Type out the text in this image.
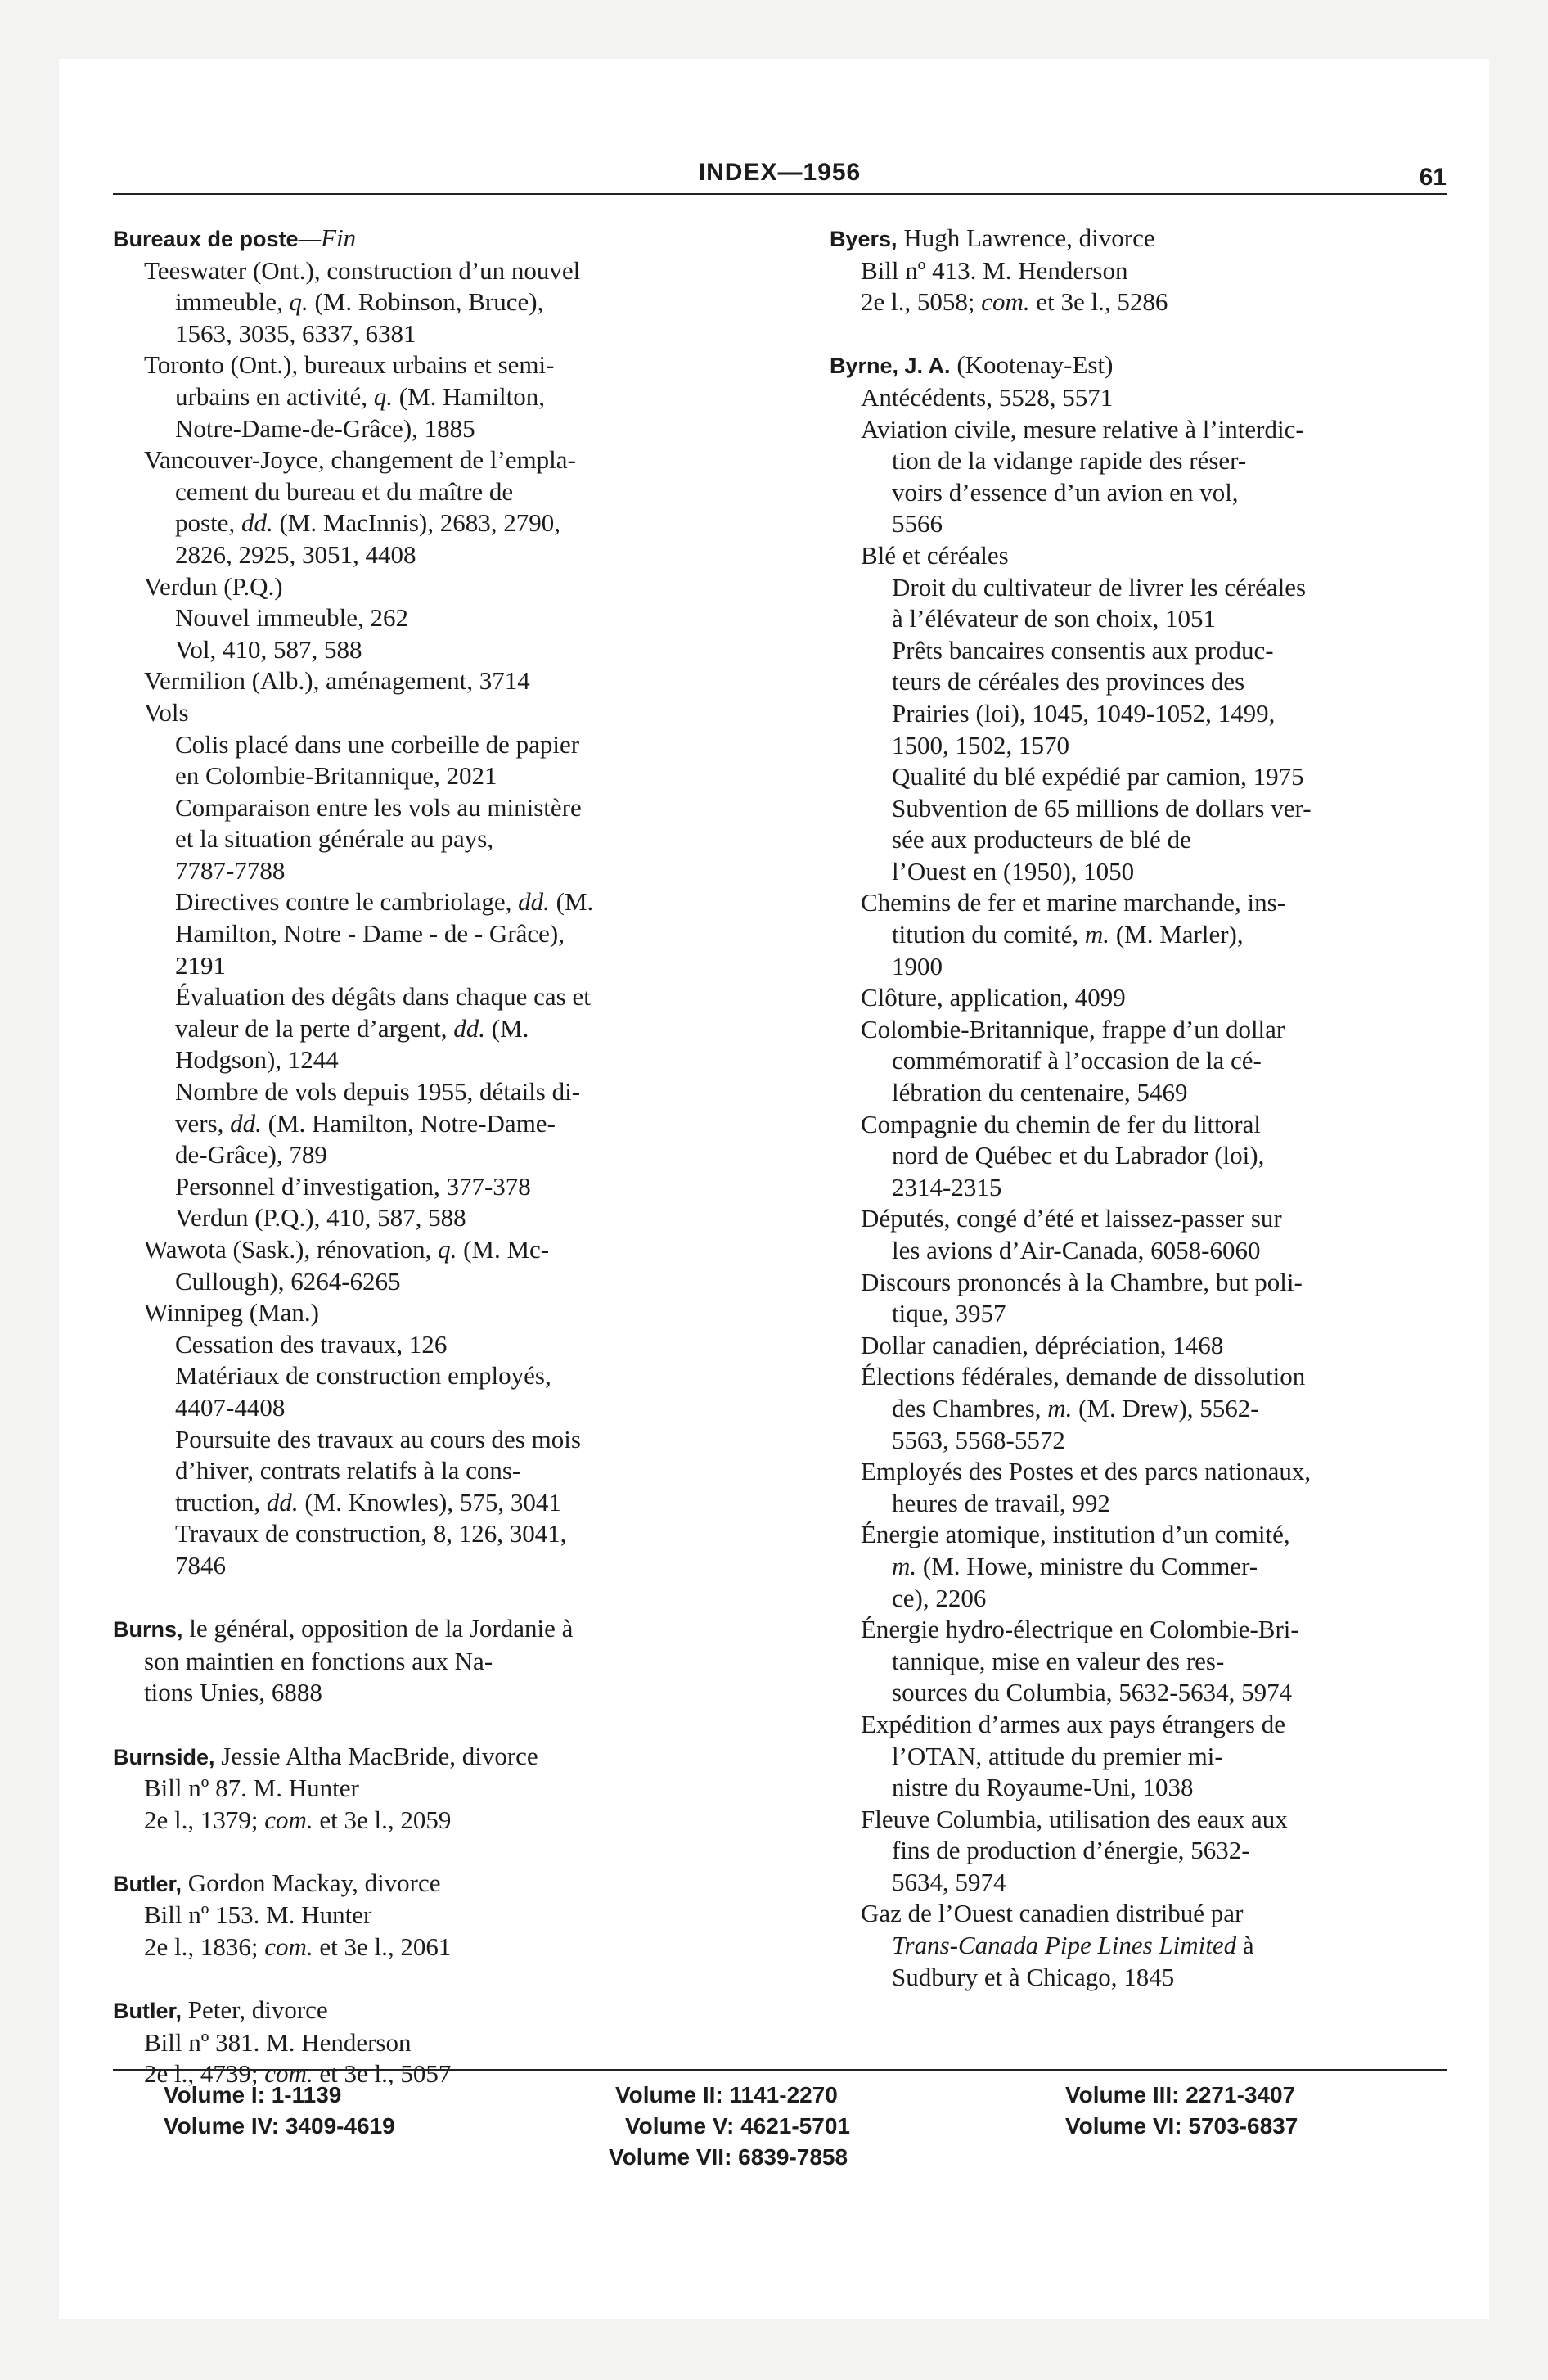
INDEX—1956	61
Bureaux de poste—Fin
Teeswater (Ont.), construction d’un nouvel
immeuble, q. (M. Robinson, Bruce),
1563, 3035, 6337, 6381
Toronto (Ont.), bureaux urbains et semi-
urbains en activité, q. (M. Hamilton,
Notre-Dame-de-Grâce), 1885
Vancouver-Joyce, changement de l’empla-
cement du bureau et du maître de
poste, dd. (M. MacInnis), 2683, 2790,
2826, 2925, 3051, 4408
Verdun (P.Q.)
Nouvel immeuble, 262
Vol, 410, 587, 588
Vermilion (Alb.), aménagement, 3714
Vols
Colis placé dans une corbeille de papier
en Colombie-Britannique, 2021
Comparaison entre les vols au ministère
et la situation générale au pays,
7787-7788
Directives contre le cambriolage, dd. (M.
Hamilton, Notre - Dame - de - Grâce),
2191
Évaluation des dégâts dans chaque cas et
valeur de la perte d’argent, dd. (M.
Hodgson), 1244
Nombre de vols depuis 1955, détails di-
vers, dd. (M. Hamilton, Notre-Dame-
de-Grâce), 789
Personnel d’investigation, 377-378
Verdun (P.Q.), 410, 587, 588
Wawota (Sask.), rénovation, q. (M. Mc-
Cullough), 6264-6265
Winnipeg (Man.)
Cessation des travaux, 126
Matériaux de construction employés,
4407-4408
Poursuite des travaux au cours des mois
d’hiver, contrats relatifs à la cons-
truction, dd. (M. Knowles), 575, 3041
Travaux de construction, 8, 126, 3041,
7846
Burns, le général, opposition de la Jordanie à
son maintien en fonctions aux Na-
tions Unies, 6888
Burnside, Jessie Altha MacBride, divorce
Bill nº 87. M. Hunter
2e l., 1379; com. et 3e l., 2059
Butler, Gordon Mackay, divorce
Bill nº 153. M. Hunter
2e l., 1836; com. et 3e l., 2061
Butler, Peter, divorce
Bill nº 381. M. Henderson
2e l., 4739; com. et 3e l., 5057
Byers, Hugh Lawrence, divorce
Bill nº 413. M. Henderson
2e l., 5058; com. et 3e l., 5286
Byrne, J. A. (Kootenay-Est)
Antécédents, 5528, 5571
Aviation civile, mesure relative à l’interdic-
tion de la vidange rapide des réser-
voirs d’essence d’un avion en vol,
5566
Blé et céréales
Droit du cultivateur de livrer les céréales
à l’élévateur de son choix, 1051
Prêts bancaires consentis aux produc-
teurs de céréales des provinces des
Prairies (loi), 1045, 1049-1052, 1499,
1500, 1502, 1570
Qualité du blé expédié par camion, 1975
Subvention de 65 millions de dollars ver-
sée aux producteurs de blé de
l’Ouest en (1950), 1050
Chemins de fer et marine marchande, ins-
titution du comité, m. (M. Marler),
1900
Clôture, application, 4099
Colombie-Britannique, frappe d’un dollar
commémoratif à l’occasion de la cé-
lébration du centenaire, 5469
Compagnie du chemin de fer du littoral
nord de Québec et du Labrador (loi),
2314-2315
Députés, congé d’été et laissez-passer sur
les avions d’Air-Canada, 6058-6060
Discours prononcés à la Chambre, but poli-
tique, 3957
Dollar canadien, dépréciation, 1468
Élections fédérales, demande de dissolution
des Chambres, m. (M. Drew), 5562-
5563, 5568-5572
Employés des Postes et des parcs nationaux,
heures de travail, 992
Énergie atomique, institution d’un comité,
m. (M. Howe, ministre du Commer-
ce), 2206
Énergie hydro-électrique en Colombie-Bri-
tannique, mise en valeur des res-
sources du Columbia, 5632-5634, 5974
Expédition d’armes aux pays étrangers de
l’OTAN, attitude du premier mi-
nistre du Royaume-Uni, 1038
Fleuve Columbia, utilisation des eaux aux
fins de production d’énergie, 5632-
5634, 5974
Gaz de l’Ouest canadien distribué par
Trans-Canada Pipe Lines Limited à
Sudbury et à Chicago, 1845
Volume I: 1-1139	Volume II: 1141-2270	Volume III: 2271-3407
Volume IV: 3409-4619	Volume V: 4621-5701	Volume VI: 5703-6837
Volume VII: 6839-7858
